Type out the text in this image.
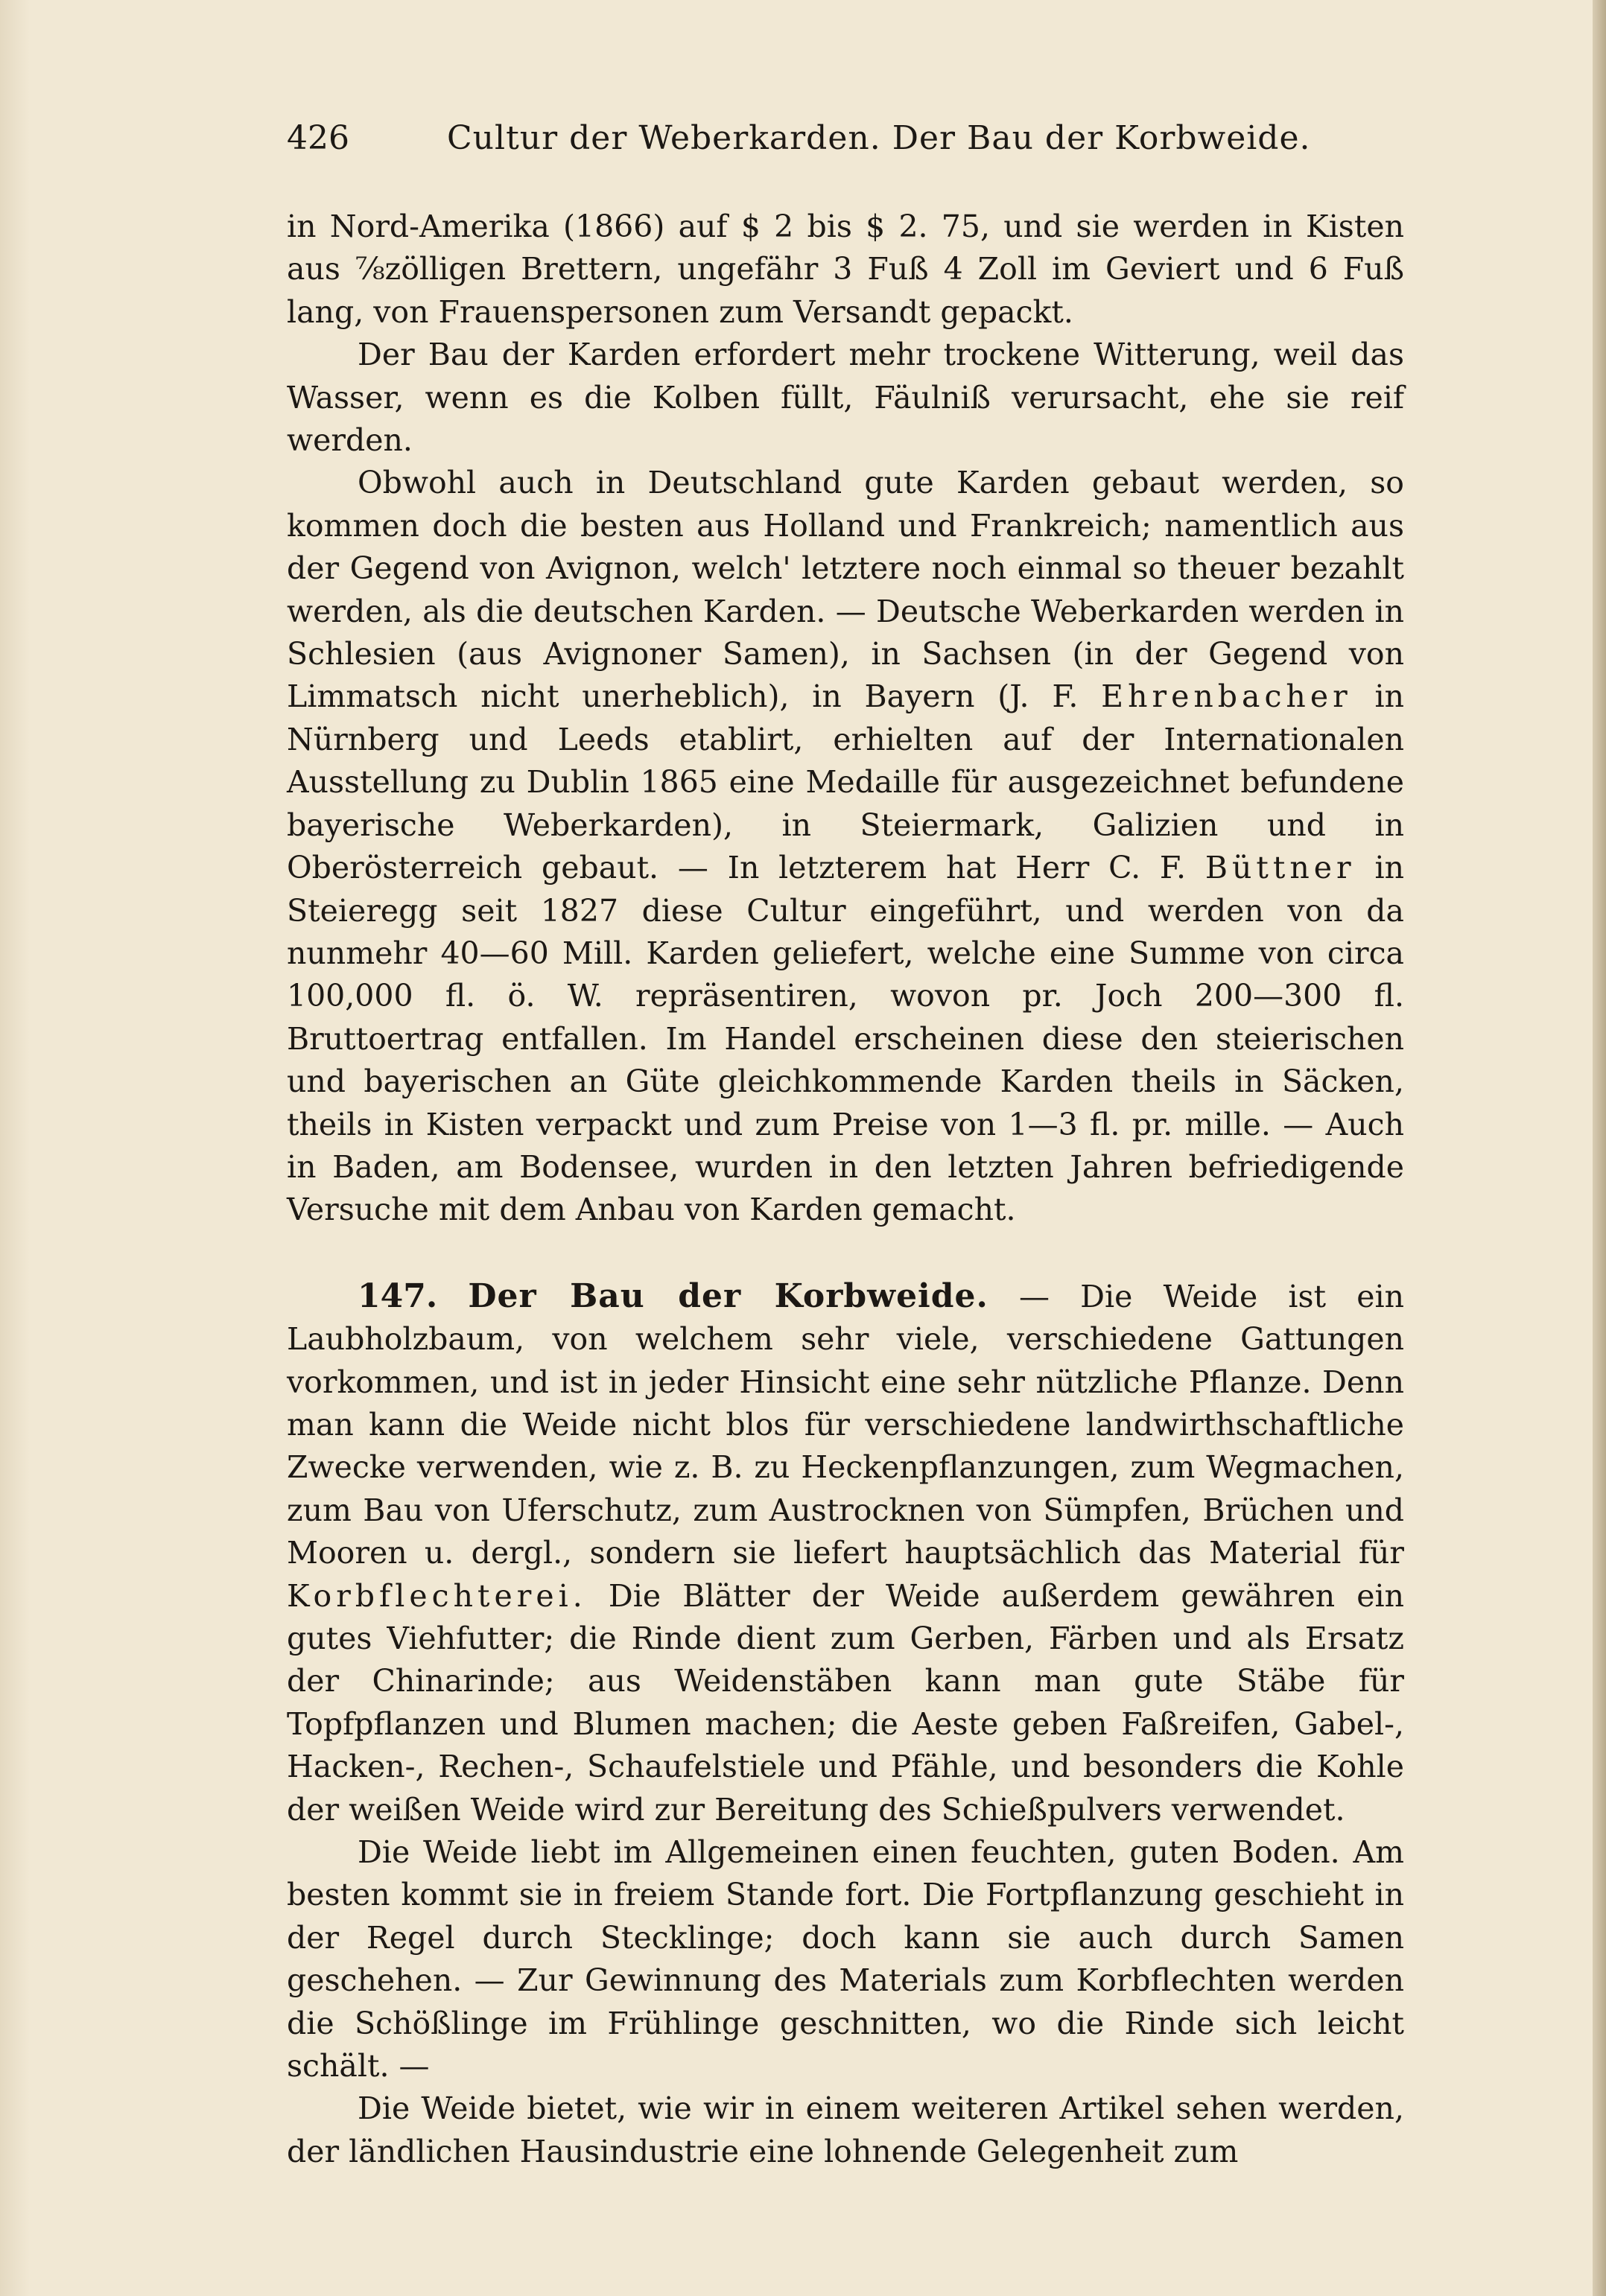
426	Cultur der Weberkarden. Der Bau der Korbweide.

in Nord-Amerika (1866) auf $ 2 bis $ 2. 75, und sie werden in Kisten aus ⅞zölligen Brettern, ungefähr 3 Fuß 4 Zoll im Geviert und 6 Fuß lang, von Frauenspersonen zum Versandt gepackt.

Der Bau der Karden erfordert mehr trockene Witterung, weil das Wasser, wenn es die Kolben füllt, Fäulniß verursacht, ehe sie reif werden.

Obwohl auch in Deutschland gute Karden gebaut werden, so kommen doch die besten aus Holland und Frankreich; namentlich aus der Gegend von Avignon, welch' letztere noch einmal so theuer bezahlt werden, als die deutschen Karden. — Deutsche Weberkarden werden in Schlesien (aus Avignoner Samen), in Sachsen (in der Gegend von Limmatsch nicht unerheblich), in Bayern (J. F. Ehrenbacher in Nürnberg und Leeds etablirt, erhielten auf der Internationalen Ausstellung zu Dublin 1865 eine Medaille für ausgezeichnet befundene bayerische Weberkarden), in Steiermark, Galizien und in Oberösterreich gebaut. — In letzterem hat Herr C. F. Büttner in Steieregg seit 1827 diese Cultur eingeführt, und werden von da nunmehr 40—60 Mill. Karden geliefert, welche eine Summe von circa 100,000 fl. ö. W. repräsentiren, wovon pr. Joch 200—300 fl. Bruttoertrag entfallen. Im Handel erscheinen diese den steierischen und bayerischen an Güte gleichkommende Karden theils in Säcken, theils in Kisten verpackt und zum Preise von 1—3 fl. pr. mille. — Auch in Baden, am Bodensee, wurden in den letzten Jahren befriedigende Versuche mit dem Anbau von Karden gemacht.

147. Der Bau der Korbweide. — Die Weide ist ein Laubholzbaum, von welchem sehr viele, verschiedene Gattungen vorkommen, und ist in jeder Hinsicht eine sehr nützliche Pflanze. Denn man kann die Weide nicht blos für verschiedene landwirthschaftliche Zwecke verwenden, wie z. B. zu Heckenpflanzungen, zum Wegmachen, zum Bau von Uferschutz, zum Austrocknen von Sümpfen, Brüchen und Mooren u. dergl., sondern sie liefert hauptsächlich das Material für Korbflechterei. Die Blätter der Weide außerdem gewähren ein gutes Viehfutter; die Rinde dient zum Gerben, Färben und als Ersatz der Chinarinde; aus Weidenstäben kann man gute Stäbe für Topfpflanzen und Blumen machen; die Aeste geben Faßreifen, Gabel-, Hacken-, Rechen-, Schaufelstiele und Pfähle, und besonders die Kohle der weißen Weide wird zur Bereitung des Schießpulvers verwendet.

Die Weide liebt im Allgemeinen einen feuchten, guten Boden. Am besten kommt sie in freiem Stande fort. Die Fortpflanzung geschieht in der Regel durch Stecklinge; doch kann sie auch durch Samen geschehen. — Zur Gewinnung des Materials zum Korbflechten werden die Schößlinge im Frühlinge geschnitten, wo die Rinde sich leicht schält. —

Die Weide bietet, wie wir in einem weiteren Artikel sehen werden, der ländlichen Hausindustrie eine lohnende Gelegenheit zum
